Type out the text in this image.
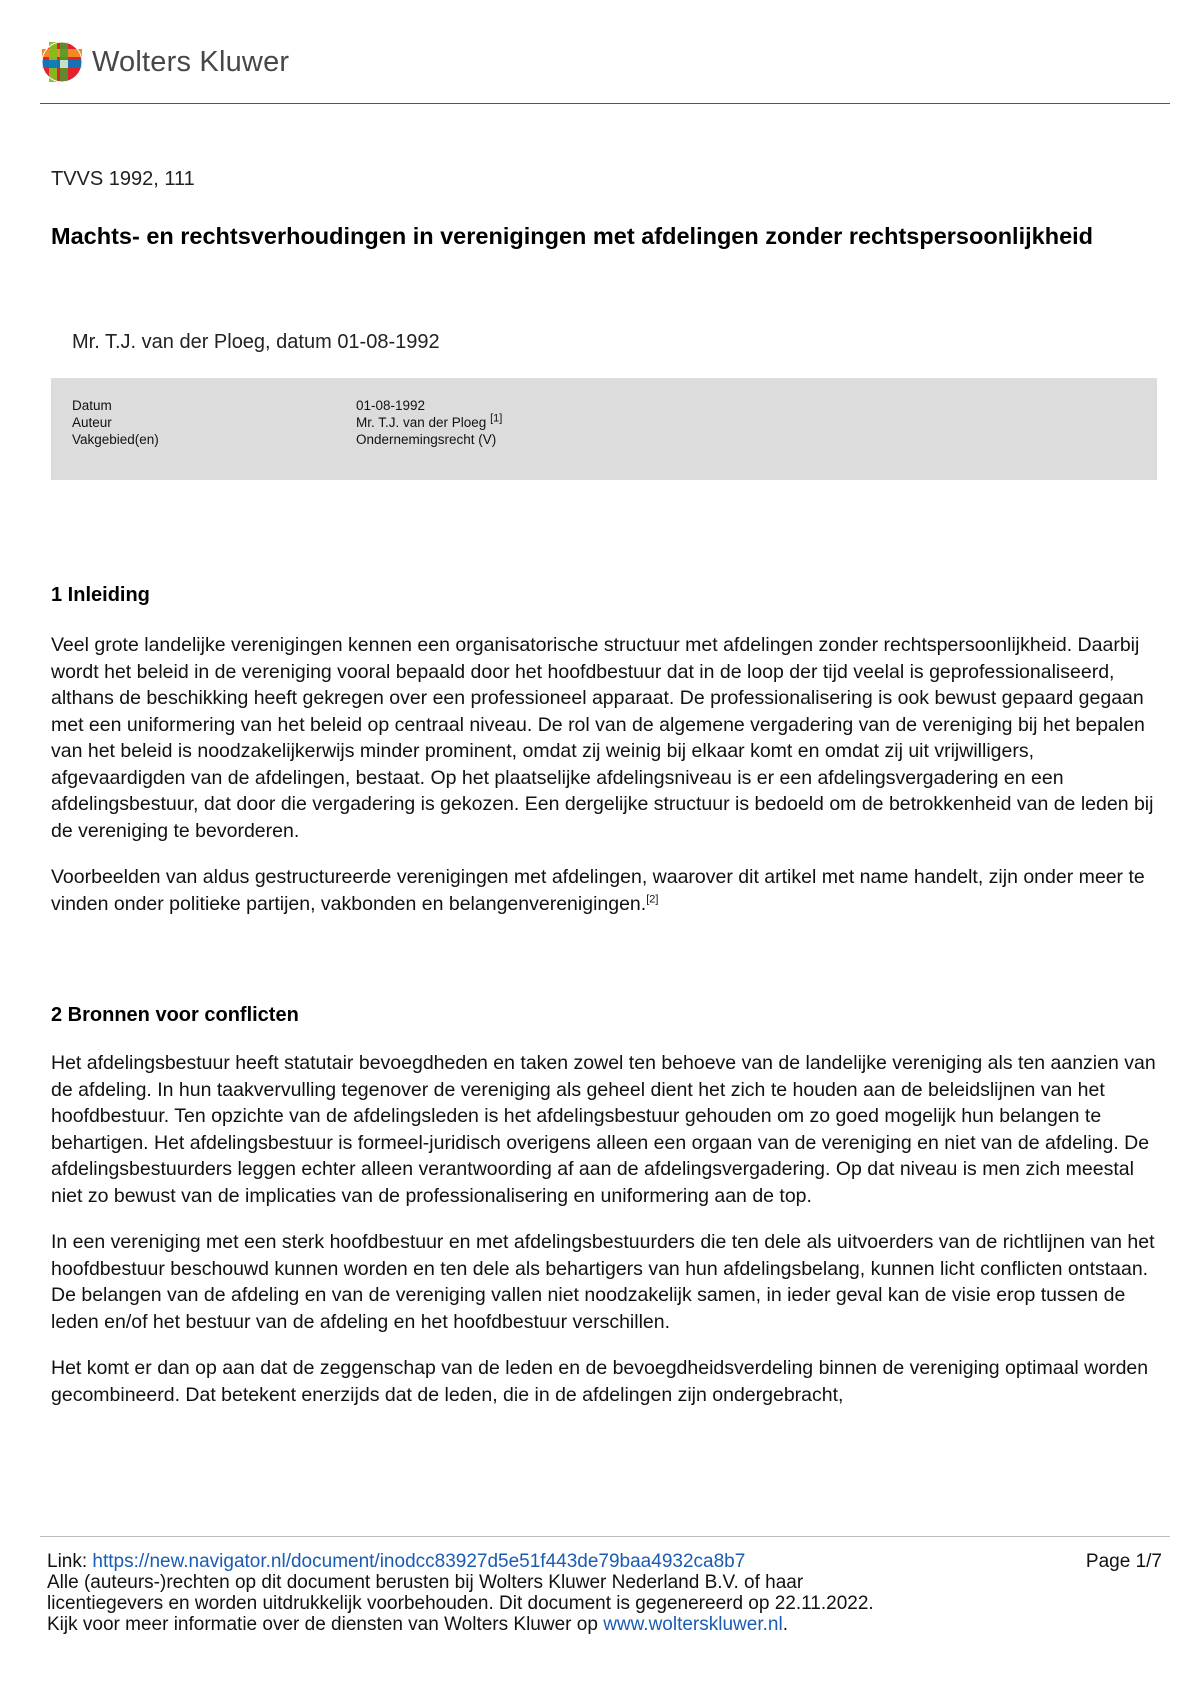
Wolters Kluwer
TVVS 1992, 111
Machts- en rechtsverhoudingen in verenigingen met afdelingen zonder rechtspersoonlijkheid
Mr. T.J. van der Ploeg, datum 01-08-1992
Datum	01-08-1992
Auteur	Mr. T.J. van der Ploeg [1]
Vakgebied(en)	Ondernemingsrecht (V)
1 Inleiding

Veel grote landelijke verenigingen kennen een organisatorische structuur met afdelingen zonder rechtspersoonlijkheid. Daarbij wordt het beleid in de vereniging vooral bepaald door het hoofdbestuur dat in de loop der tijd veelal is geprofessionaliseerd, althans de beschikking heeft gekregen over een professioneel apparaat. De professionalisering is ook bewust gepaard gegaan met een uniformering van het beleid op centraal niveau. De rol van de algemene vergadering van de vereniging bij het bepalen van het beleid is noodzakelijkerwijs minder prominent, omdat zij weinig bij elkaar komt en omdat zij uit vrijwilligers, afgevaardigden van de afdelingen, bestaat. Op het plaatselijke afdelingsniveau is er een afdelingsvergadering en een afdelingsbestuur, dat door die vergadering is gekozen. Een dergelijke structuur is bedoeld om de betrokkenheid van de leden bij de vereniging te bevorderen.

Voorbeelden van aldus gestructureerde verenigingen met afdelingen, waarover dit artikel met name handelt, zijn onder meer te vinden onder politieke partijen, vakbonden en belangenverenigingen.[2]

2 Bronnen voor conflicten

Het afdelingsbestuur heeft statutair bevoegdheden en taken zowel ten behoeve van de landelijke vereniging als ten aanzien van de afdeling. In hun taakvervulling tegenover de vereniging als geheel dient het zich te houden aan de beleidslijnen van het hoofdbestuur. Ten opzichte van de afdelingsleden is het afdelingsbestuur gehouden om zo goed mogelijk hun belangen te behartigen. Het afdelingsbestuur is formeel-juridisch overigens alleen een orgaan van de vereniging en niet van de afdeling. De afdelingsbestuurders leggen echter alleen verantwoording af aan de afdelingsvergadering. Op dat niveau is men zich meestal niet zo bewust van de implicaties van de professionalisering en uniformering aan de top.

In een vereniging met een sterk hoofdbestuur en met afdelingsbestuurders die ten dele als uitvoerders van de richtlijnen van het hoofdbestuur beschouwd kunnen worden en ten dele als behartigers van hun afdelingsbelang, kunnen licht conflicten ontstaan. De belangen van de afdeling en van de vereniging vallen niet noodzakelijk samen, in ieder geval kan de visie erop tussen de leden en/of het bestuur van de afdeling en het hoofdbestuur verschillen.

Het komt er dan op aan dat de zeggenschap van de leden en de bevoegdheidsverdeling binnen de vereniging optimaal worden gecombineerd. Dat betekent enerzijds dat de leden, die in de afdelingen zijn ondergebracht,

Link: https://new.navigator.nl/document/inodcc83927d5e51f443de79baa4932ca8b7	Page 1/7
Alle (auteurs-)rechten op dit document berusten bij Wolters Kluwer Nederland B.V. of haar
licentiegevers en worden uitdrukkelijk voorbehouden. Dit document is gegenereerd op 22.11.2022.
Kijk voor meer informatie over de diensten van Wolters Kluwer op www.wolterskluwer.nl.
